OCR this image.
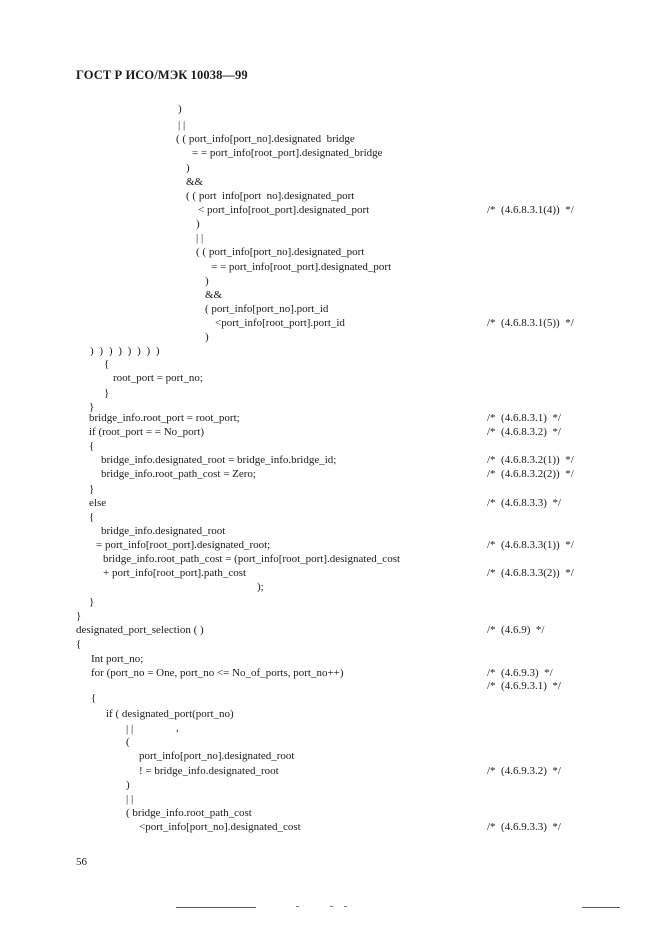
ГОСТ Р ИСО/МЭК 10038—99
)
| |
( ( port_info[port_no].designated  bridge
= = port_info[root_port].designated_bridge
)
&&
( ( port  info[port  no].designated_port
< port_info[root_port].designated_port
)
| |
( ( port_info[port_no].designated_port
= = port_info[root_port].designated_port
)
&&
( port_info[port_no].port_id
<port_info[root_port].port_id
)
) ) ) ) ) ) ) )
{
root_port = port_no;
}
}
bridge_info.root_port = root_port;
if (root_port = = No_port)
{
bridge_info.designated_root = bridge_info.bridge_id;
bridge_info.root_path_cost = Zero;
}
else
{
bridge_info.designated_root
= port_info[root_port].designated_root;
bridge_info.root_path_cost = (port_info[root_port].designated_cost
+ port_info[root_port].path_cost
);
}
}
designated_port_selection ( )
{
Int port_no;
for (port_no = One, port_no <= No_of_ports, port_no++)
{
if ( designated_port(port_no)
| |
(
port_info[port_no].designated_root
! = bridge_info.designated_root
)
| |
( bridge_info.root_path_cost
<port_info[port_no].designated_cost
,
/*  (4.6.8.3.1(4))  */
/*  (4.6.8.3.1(5))  */
/*  (4.6.8.3.1)  */
/*  (4.6.8.3.2)  */
/*  (4.6.8.3.2(1))  */
/*  (4.6.8.3.2(2))  */
/*  (4.6.8.3.3)  */
/*  (4.6.8.3.3(1))  */
/*  (4.6.8.3.3(2))  */
/*  (4.6.9)  */
/*  (4.6.9.3)  */
/*  (4.6.9.3.1)  */
/*  (4.6.9.3.2)  */
/*  (4.6.9.3.3)  */
56
